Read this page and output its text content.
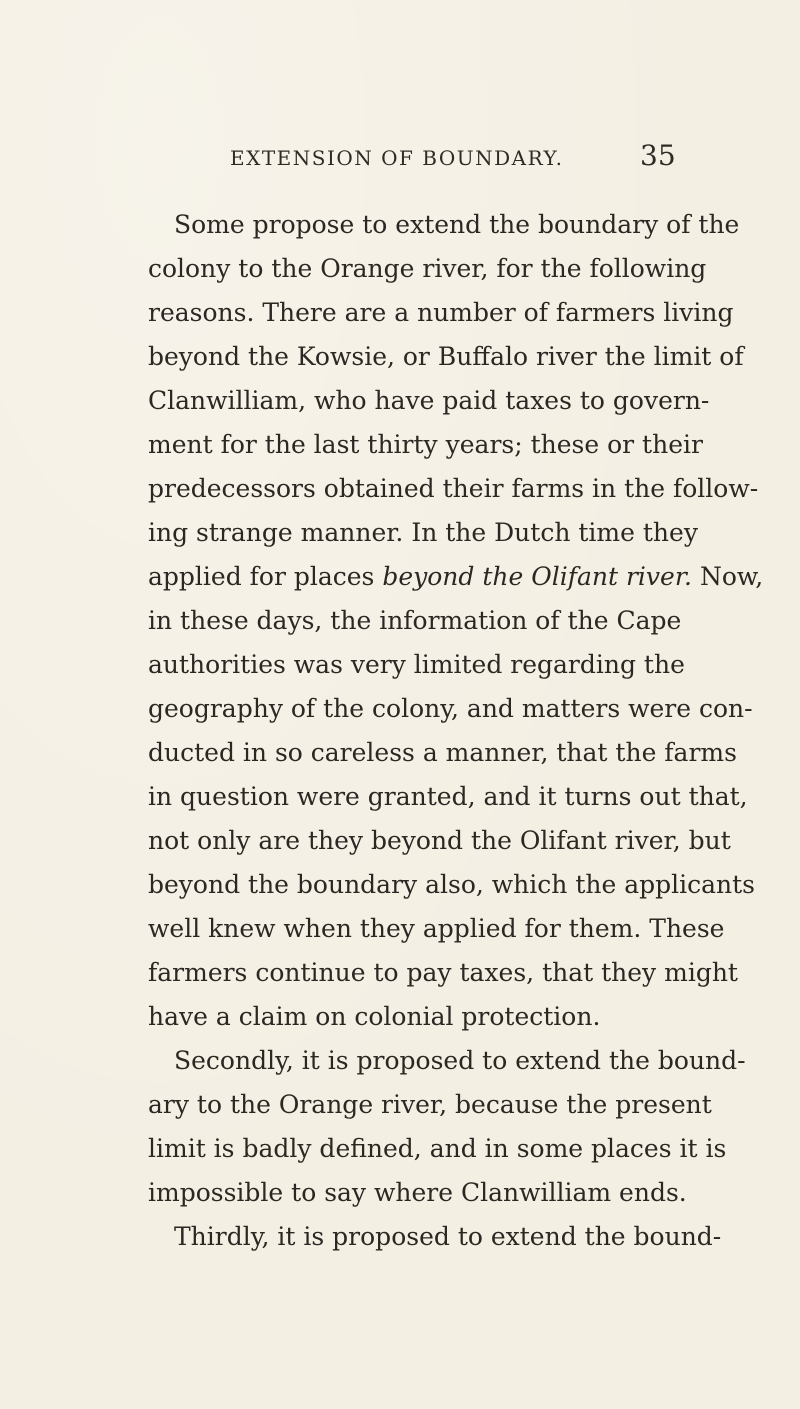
EXTENSION OF BOUNDARY.	35
Some propose to extend the boundary of the
colony to the Orange river, for the following
reasons. There are a number of farmers living
beyond the Kowsie, or Buffalo river the limit of
Clanwilliam, who have paid taxes to govern-
ment for the last thirty years; these or their
predecessors obtained their farms in the follow-
ing strange manner. In the Dutch time they
applied for places beyond the Olifant river. Now,
in these days, the information of the Cape
authorities was very limited regarding the
geography of the colony, and matters were con-
ducted in so careless a manner, that the farms
in question were granted, and it turns out that,
not only are they beyond the Olifant river, but
beyond the boundary also, which the applicants
well knew when they applied for them. These
farmers continue to pay taxes, that they might
have a claim on colonial protection.
Secondly, it is proposed to extend the bound-
ary to the Orange river, because the present
limit is badly defined, and in some places it is
impossible to say where Clanwilliam ends.
Thirdly, it is proposed to extend the bound-
